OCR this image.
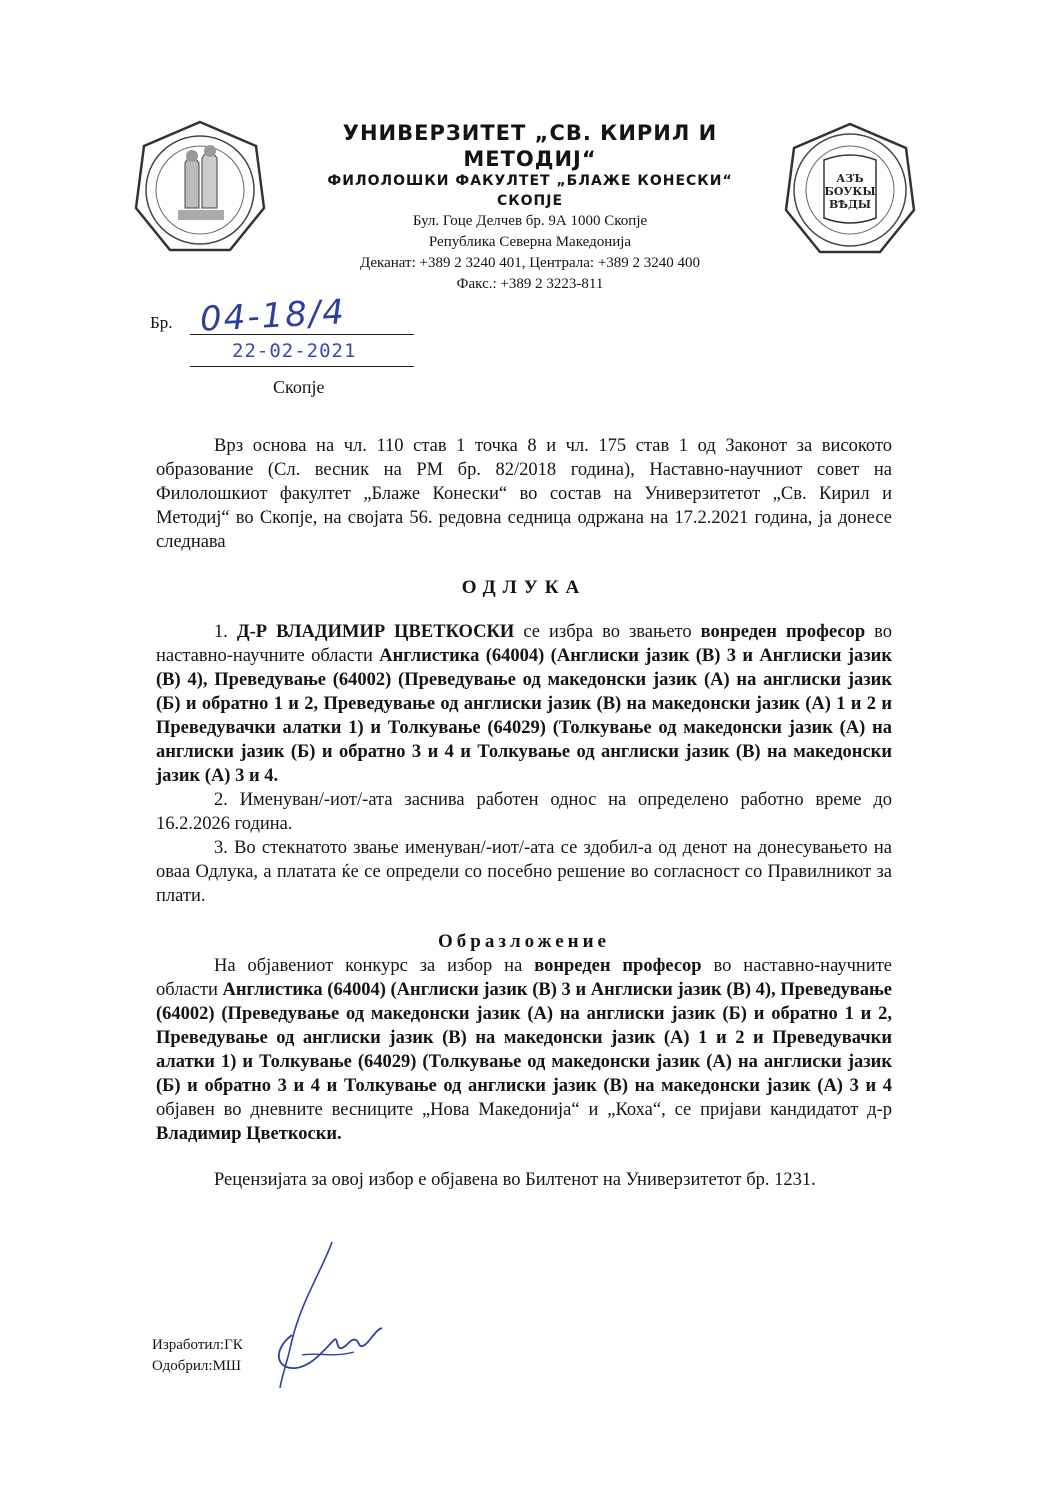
АЗЪ
БОУКЫ
ВѢДЫ
УНИВЕРЗИТЕТ „СВ. КИРИЛ И МЕТОДИЈ“
ФИЛОЛОШКИ ФАКУЛТЕТ „БЛАЖЕ КОНЕСКИ“
СКОПЈЕ
Бул. Гоце Делчев бр. 9А 1000 Скопје
Република Северна Македонија
Деканат: +389 2 3240 401, Централа: +389 2 3240 400
Факс.: +389 2 3223-811
Бр. 04-18/4
22-02-2021
Скопје

Врз основа на чл. 110 став 1 точка 8 и чл. 175 став 1 од Законот за високото образование (Сл. весник на РМ бр. 82/2018 година), Наставно-научниот совет на Филолошкиот факултет „Блаже Конески“ во состав на Универзитетот „Св. Кирил и Методиј“ во Скопје, на својата 56. редовна седница одржана на 17.2.2021 година, ја донесе следнава

ОДЛУКА

1. Д-Р ВЛАДИМИР ЦВЕТКОСКИ се избра во звањето вонреден професор во наставно-научните области Англистика (64004) (Англиски јазик (В) 3 и Англиски јазик (В) 4), Преведување (64002) (Преведување од македонски јазик (А) на англиски јазик (Б) и обратно 1 и 2, Преведување од англиски јазик (В) на македонски јазик (А) 1 и 2 и Преведувачки алатки 1) и Толкување (64029) (Толкување од македонски јазик (А) на англиски јазик (Б) и обратно 3 и 4 и Толкување од англиски јазик (В) на македонски јазик (А) 3 и 4.

2. Именуван/-иот/-ата заснива работен однос на определено работно време до 16.2.2026 година.

3. Во стекнатото звање именуван/-иот/-ата се здобил-а од денот на донесувањето на оваа Одлука, а платата ќе се определи со посебно решение во согласност со Правилникот за плати.

Образложение

На објавениот конкурс за избор на вонреден професор во наставно-научните области Англистика (64004) (Англиски јазик (В) 3 и Англиски јазик (В) 4), Преведување (64002) (Преведување од македонски јазик (А) на англиски јазик (Б) и обратно 1 и 2, Преведување од англиски јазик (В) на македонски јазик (А) 1 и 2 и Преведувачки алатки 1) и Толкување (64029) (Толкување од македонски јазик (А) на англиски јазик (Б) и обратно 3 и 4 и Толкување од англиски јазик (В) на македонски јазик (А) 3 и 4 објавен во дневните весниците „Нова Македонија“ и „Коха“, се пријави кандидатот д-р Владимир Цветкоски.

Рецензијата за овој избор е објавена во Билтенот на Универзитетот бр. 1231.

Изработил:ГК
Одобрил:МШ
